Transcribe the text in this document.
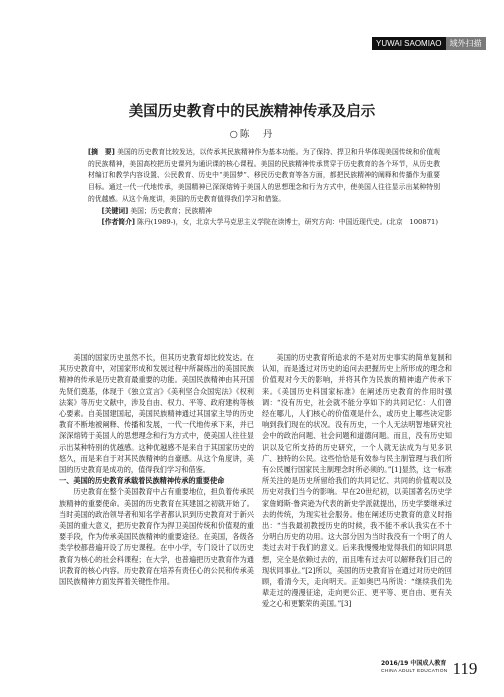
YUWAI SAOMIAO	域外扫描
美国历史教育中的民族精神传承及启示
○陈　丹

[摘　要] 美国的历史教育比较发达，以传承其民族精神作为基本功能。为了保持、捍卫和升华体现美国传统和价值观的民族精神，美国高校把历史课列为通识课的核心课程。美国的民族精神传承贯穿于历史教育的各个环节，从历史教材编订和教学内容设置、公民教育、历史中“美国梦”、移民历史教育等各方面，都把民族精神的阐释和传播作为重要目标。通过一代一代地传承，美国精神已深深熔铸于美国人的思想理念和行为方式中，使美国人往往显示出某种特别的优越感。从这个角度讲，美国的历史教育值得我们学习和借鉴。

[关键词] 美国；历史教育；民族精神

[作者简介] 陈丹(1989-)，女，北京大学马克思主义学院在读博士，研究方向：中国近现代史。(北京　100871)

美国的国家历史虽然不长，但其历史教育却比较发达。在其历史教育中，对国家形成和发展过程中所凝练出的美国民族精神的传承是历史教育最重要的功能。美国民族精神由其开国先贤们奠基，体现于《独立宣言》《美利坚合众国宪法》《权利法案》等历史文献中，涉及自由、权力、平等、政府建构等核心要素。自美国建国起，美国民族精神通过其国家主导的历史教育不断地被阐释、传播和发展，一代一代地传承下来，并已深深熔铸于美国人的思想理念和行为方式中，使美国人往往显示出某种特别的优越感。这种优越感不是来自于其国家历史的悠久，而是来自于对其民族精神的自豪感。从这个角度讲，美国的历史教育是成功的，值得我们学习和借鉴。

一、美国的历史教育承载着民族精神传承的重要使命

历史教育在整个美国教育中占有重要地位，担负着传承民族精神的重要使命。美国的历史教育在其建国之初就开始了。当时美国的政治领导者和知名学者都认识到历史教育对于新兴美国的重大意义，把历史教育作为捍卫美国传统和价值观的重要手段，作为传承美国民族精神的重要途径。在美国，各级各类学校都普遍开设了历史课程。在中小学，专门设计了以历史教育为核心的社会科课程；在大学，也普遍把历史教育作为通识教育的核心内容。历史教育在培养有责任心的公民和传承美国民族精神方面发挥着关键性作用。

美国的历史教育所追求的不是对历史事实的简单复制和认知，而是透过对历史的追问去把握历史上所形成的理念和价值观对今天的影响，并将其作为民族的精神遗产传承下来。《美国历史科国家标准》在阐述历史教育的作用时强调：“没有历史，社会就不能分享如下的共同记忆：人们曾经在哪儿，人们核心的价值观是什么，或历史上哪些决定影响到我们现在的状况。没有历史，一个人无法明智地研究社会中的政治问题、社会问题和道德问题。而且，没有历史知识以及它所支持的历史研究，一个人就无法成为与见多识广、独特的公民。这些恰恰是有效参与民主制管理与我们所有公民履行国家民主制理念时所必须的。”[1]显然，这一标准所关注的是历史所留给我们的共同记忆、共同的价值观以及历史对我们当今的影响。早在20世纪初，以美国著名历史学家詹姆斯·鲁宾逊为代表的新史学派就提出，历史学要继承过去的传统，为现实社会服务。他在阐述历史教育的意义时指出：“当我最初教授历史的时候，我不能不承认我实在不十分明白历史的功用。这大部分因为当时我没有一个明了的人类过去对于我们的意义。后来我慢慢地觉得我们的知识同思想，完全是依赖过去的，而且唯有过去可以解释我们目己的现状同事业。”[2]所以，美国的历史教育旨在通过对历史的回顾，看清今天，走向明天。正如奥巴马所说：“继续我们先辈走过的漫漫征途，走向更公正、更平等、更自由、更有关爱之心和更繁荣的美国。”[3]

2016/19 中国成人教育
CHINA ADULT EDUCATION 119
